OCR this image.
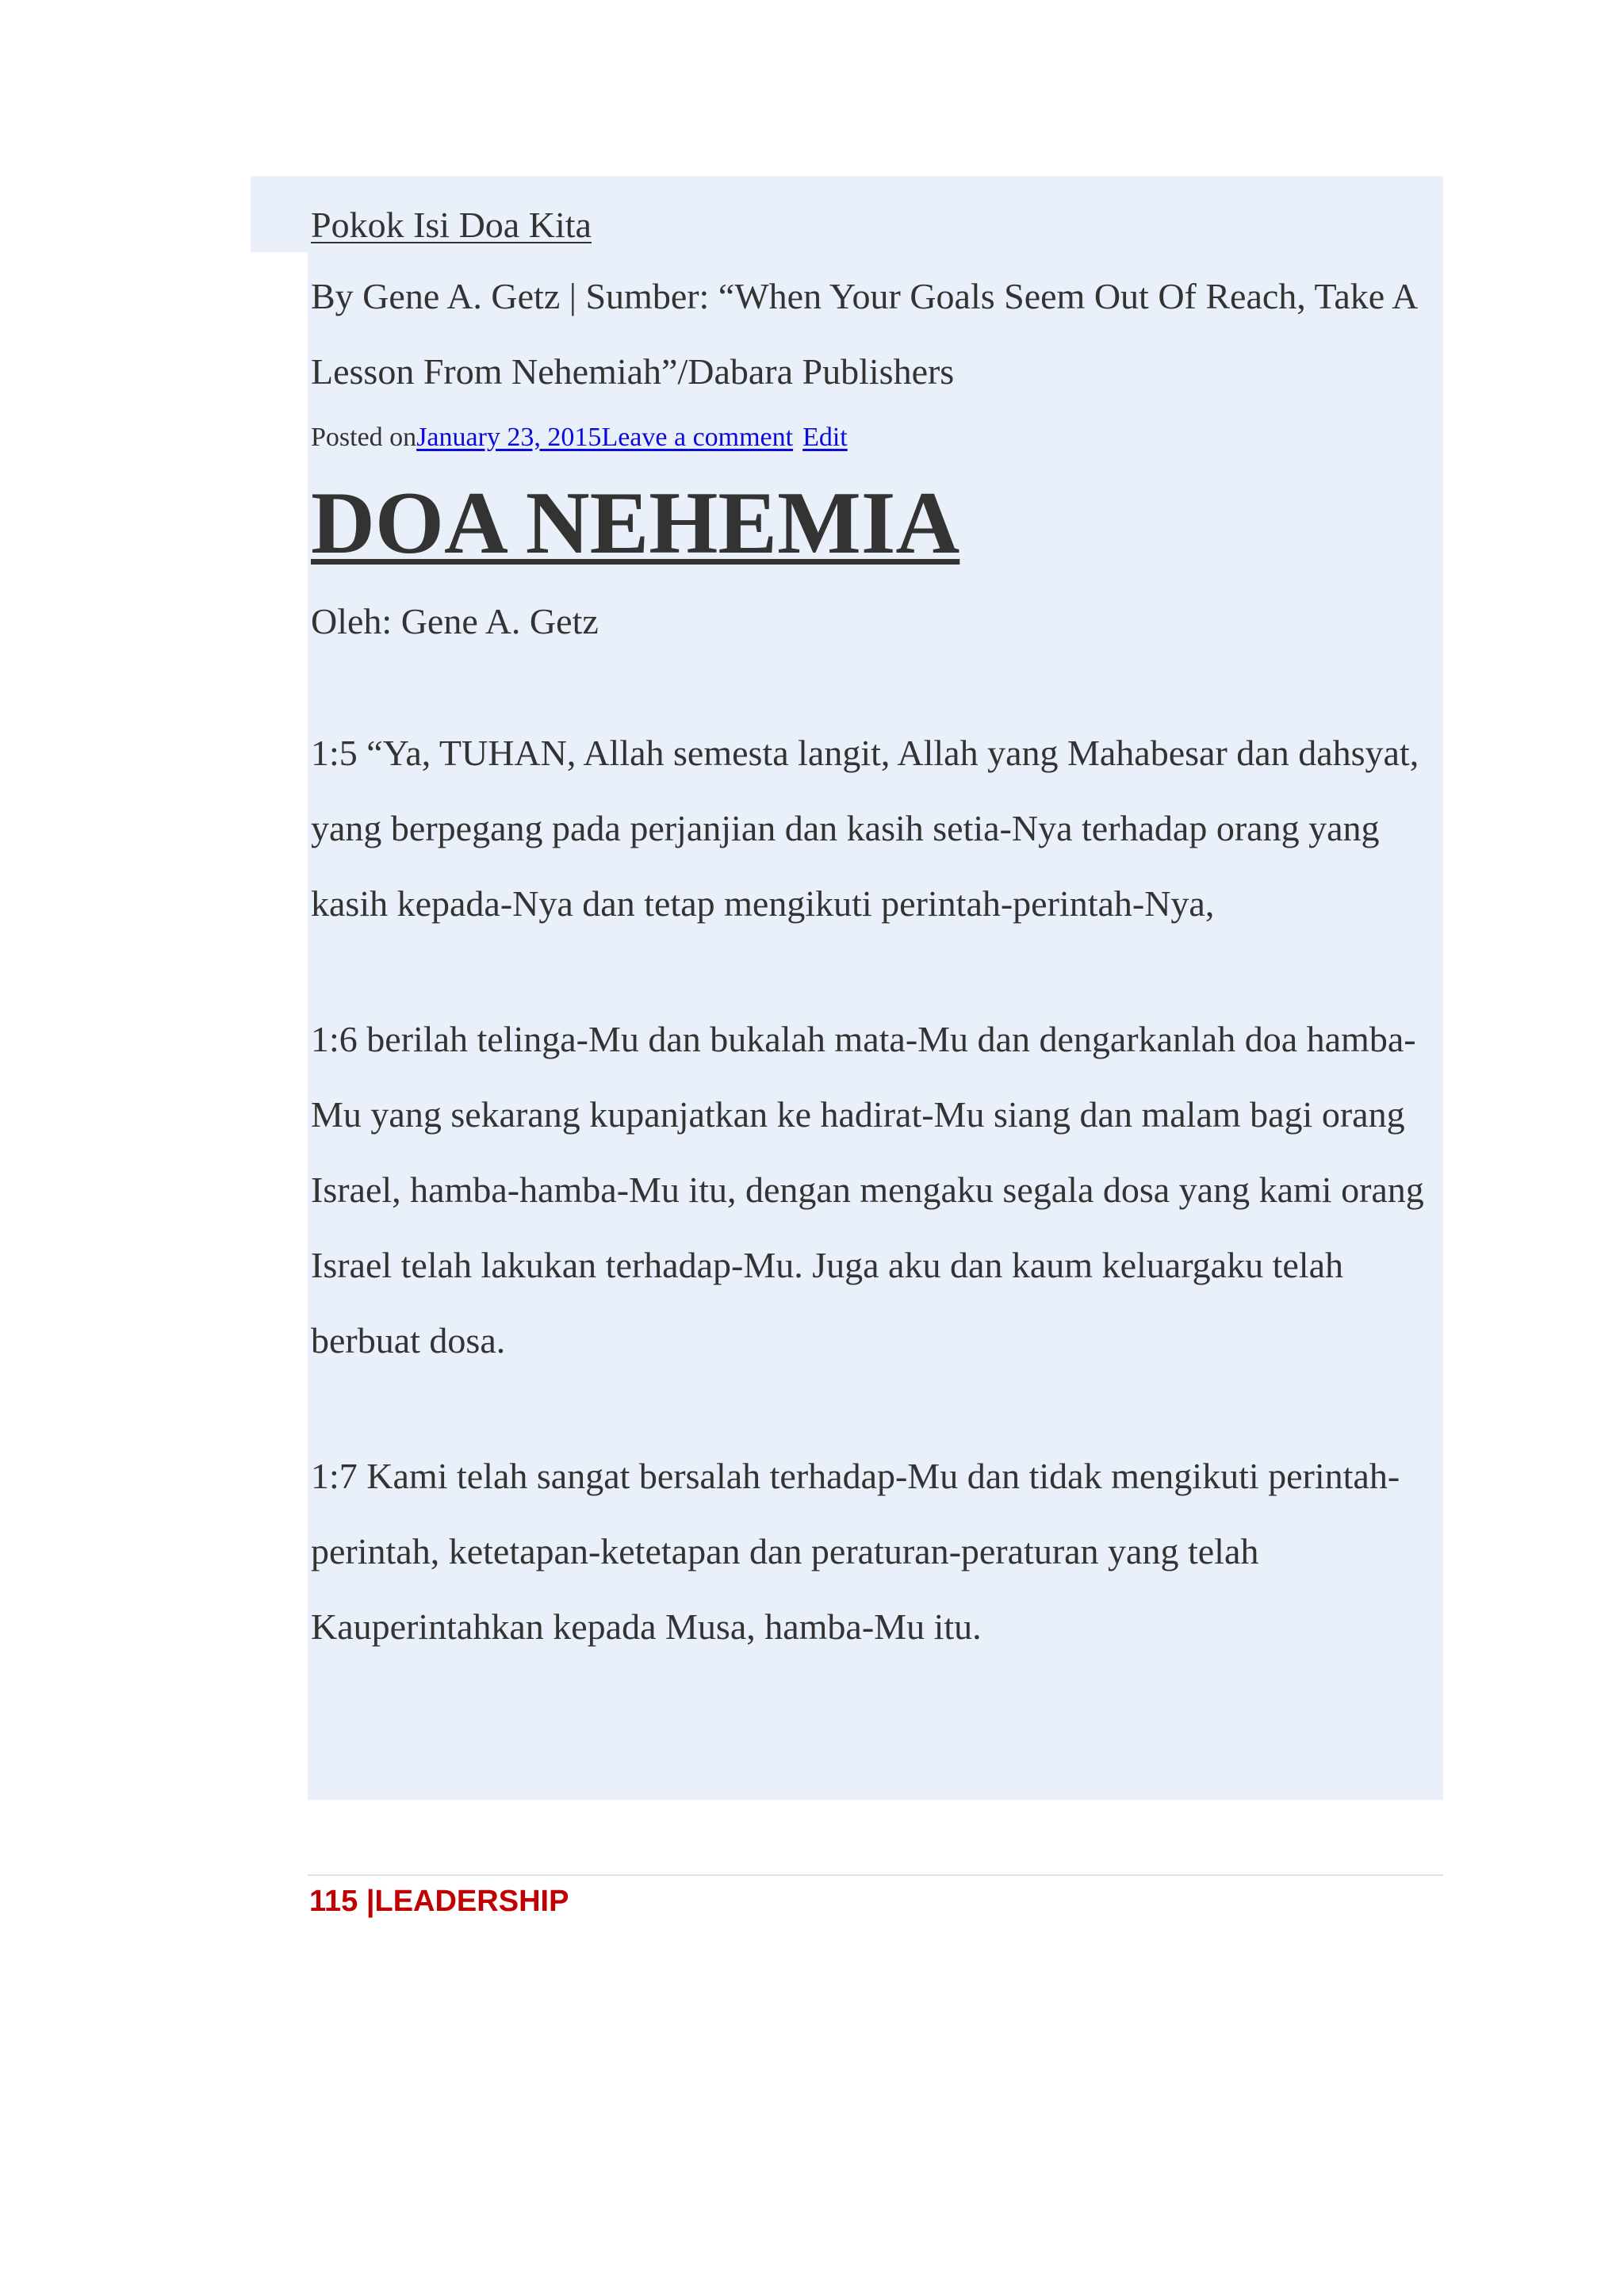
Pokok Isi Doa Kita

By Gene A. Getz | Sumber: “When Your Goals Seem Out Of Reach, Take A Lesson From Nehemiah”/Dabara Publishers

Posted onJanuary 23, 2015Leave a comment Edit

DOA NEHEMIA

Oleh: Gene A. Getz

1:5 “Ya, TUHAN, Allah semesta langit, Allah yang Mahabesar dan dahsyat, yang berpegang pada perjanjian dan kasih setia-Nya terhadap orang yang kasih kepada-Nya dan tetap mengikuti perintah-perintah-Nya,

1:6 berilah telinga-Mu dan bukalah mata-Mu dan dengarkanlah doa hamba-Mu yang sekarang kupanjatkan ke hadirat-Mu siang dan malam bagi orang Israel, hamba-hamba-Mu itu, dengan mengaku segala dosa yang kami orang Israel telah lakukan terhadap-Mu. Juga aku dan kaum keluargaku telah berbuat dosa.

1:7 Kami telah sangat bersalah terhadap-Mu dan tidak mengikuti perintah-perintah, ketetapan-ketetapan dan peraturan-peraturan yang telah Kauperintahkan kepada Musa, hamba-Mu itu.

115 |LEADERSHIP
